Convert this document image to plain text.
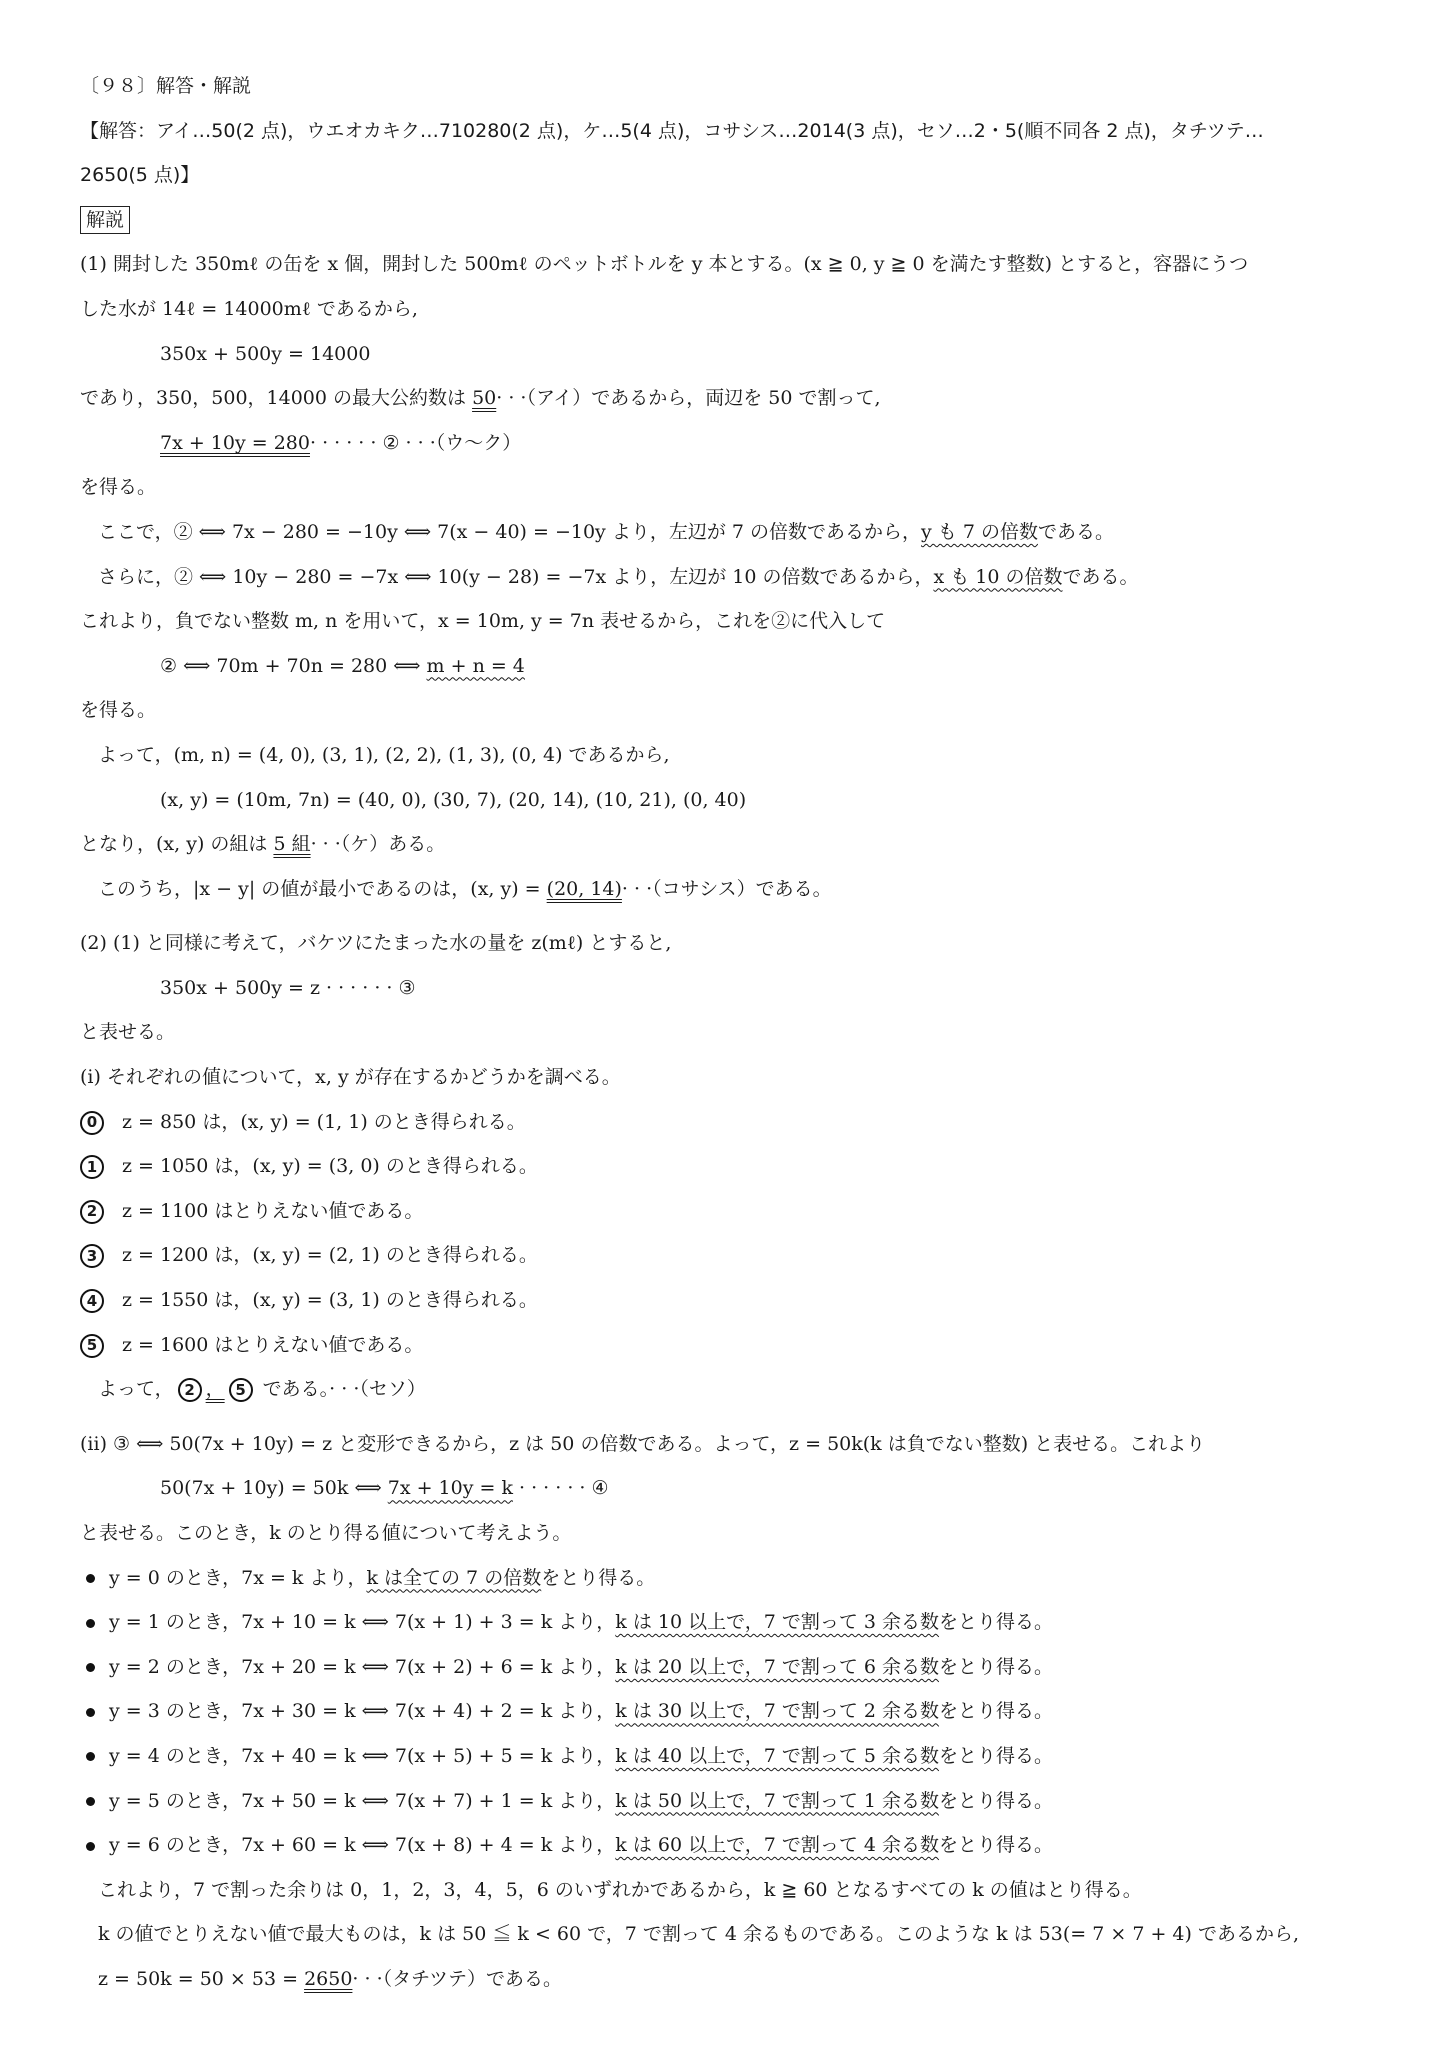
〔９８〕解答・解説
【解答：アイ…50(2 点)，ウエオカキク…710280(2 点)，ケ…5(4 点)，コサシス…2014(3 点)，セソ…2・5(順不同各 2 点)，タチツテ…
2650(5 点)】
解説
(1) 開封した 350mℓ の缶を x 個，開封した 500mℓ のペットボトルを y 本とする。(x ≧ 0, y ≧ 0 を満たす整数) とすると，容器にうつ
した水が 14ℓ = 14000mℓ であるから,
350x + 500y = 14000
であり，350，500，14000 の最大公約数は 50· · ·（アイ）であるから，両辺を 50 で割って,
7x + 10y = 280· · · · · · ② · · ·（ウ〜ク）
を得る。
ここで，② ⟺ 7x − 280 = −10y ⟺ 7(x − 40) = −10y より，左辺が 7 の倍数であるから，y も 7 の倍数である。
さらに，② ⟺ 10y − 280 = −7x ⟺ 10(y − 28) = −7x より，左辺が 10 の倍数であるから，x も 10 の倍数である。
これより，負でない整数 m, n を用いて，x = 10m, y = 7n 表せるから，これを②に代入して
② ⟺ 70m + 70n = 280 ⟺ m + n = 4
を得る。
よって，(m, n) = (4, 0), (3, 1), (2, 2), (1, 3), (0, 4) であるから,
(x, y) = (10m, 7n) = (40, 0), (30, 7), (20, 14), (10, 21), (0, 40)
となり，(x, y) の組は 5 組· · ·（ケ）ある。
このうち，|x − y| の値が最小であるのは，(x, y) = (20, 14)· · ·（コサシス）である。
(2) (1) と同様に考えて，バケツにたまった水の量を z(mℓ) とすると,
350x + 500y = z · · · · · · ③
と表せる。
(i) それぞれの値について，x, y が存在するかどうかを調べる。
0 z = 850 は，(x, y) = (1, 1) のとき得られる。
1 z = 1050 は，(x, y) = (3, 0) のとき得られる。
2 z = 1100 はとりえない値である。
3 z = 1200 は，(x, y) = (2, 1) のとき得られる。
4 z = 1550 は，(x, y) = (3, 1) のとき得られる。
5 z = 1600 はとりえない値である。
よって， 2 ， 5 である。· · ·（セソ）
(ii) ③ ⟺ 50(7x + 10y) = z と変形できるから，z は 50 の倍数である。よって，z = 50k(k は負でない整数) と表せる。これより
50(7x + 10y) = 50k ⟺ 7x + 10y = k · · · · · · ④
と表せる。このとき，k のとり得る値について考えよう。
y = 0 のとき，7x = k より，k は全ての 7 の倍数をとり得る。
y = 1 のとき，7x + 10 = k ⟺ 7(x + 1) + 3 = k より，k は 10 以上で，7 で割って 3 余る数をとり得る。
y = 2 のとき，7x + 20 = k ⟺ 7(x + 2) + 6 = k より，k は 20 以上で，7 で割って 6 余る数をとり得る。
y = 3 のとき，7x + 30 = k ⟺ 7(x + 4) + 2 = k より，k は 30 以上で，7 で割って 2 余る数をとり得る。
y = 4 のとき，7x + 40 = k ⟺ 7(x + 5) + 5 = k より，k は 40 以上で，7 で割って 5 余る数をとり得る。
y = 5 のとき，7x + 50 = k ⟺ 7(x + 7) + 1 = k より，k は 50 以上で，7 で割って 1 余る数をとり得る。
y = 6 のとき，7x + 60 = k ⟺ 7(x + 8) + 4 = k より，k は 60 以上で，7 で割って 4 余る数をとり得る。
これより，7 で割った余りは 0，1，2，3，4，5，6 のいずれかであるから，k ≧ 60 となるすべての k の値はとり得る。
k の値でとりえない値で最大ものは，k は 50 ≦ k < 60 で，7 で割って 4 余るものである。このような k は 53(= 7 × 7 + 4) であるから,
z = 50k = 50 × 53 = 2650· · ·（タチツテ）である。
